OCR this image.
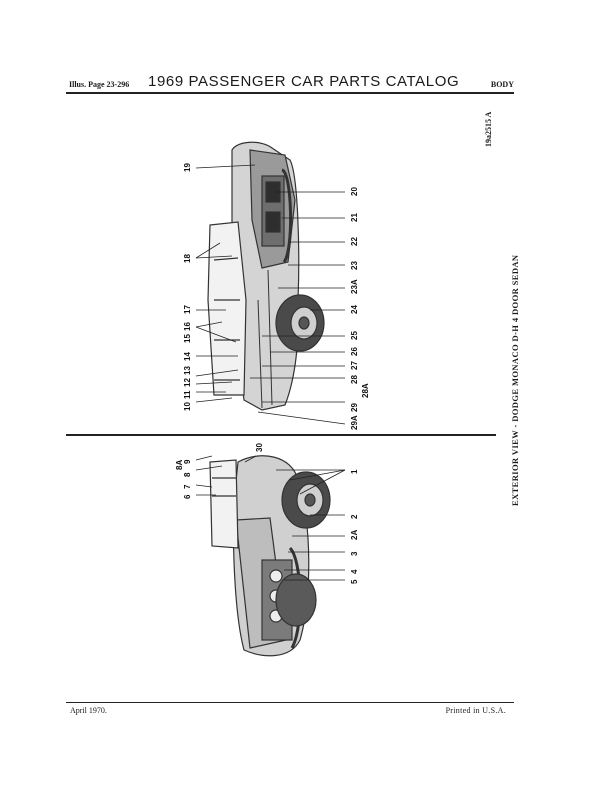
Illus. Page 23-296 1969 PASSENGER CAR PARTS CATALOG	BODY
19a2515 A
19
18
17
16
15
14
13
12
11
10
20
21
22
23
23A
24
25
26
27
28
28A
29
29A
8A 9
8
7
6
30
1
2
2A
3
4
5
EXTERIOR VIEW - DODGE MONACO D-H 4 DOOR SEDAN
April 1970.	Printed in U.S.A.
